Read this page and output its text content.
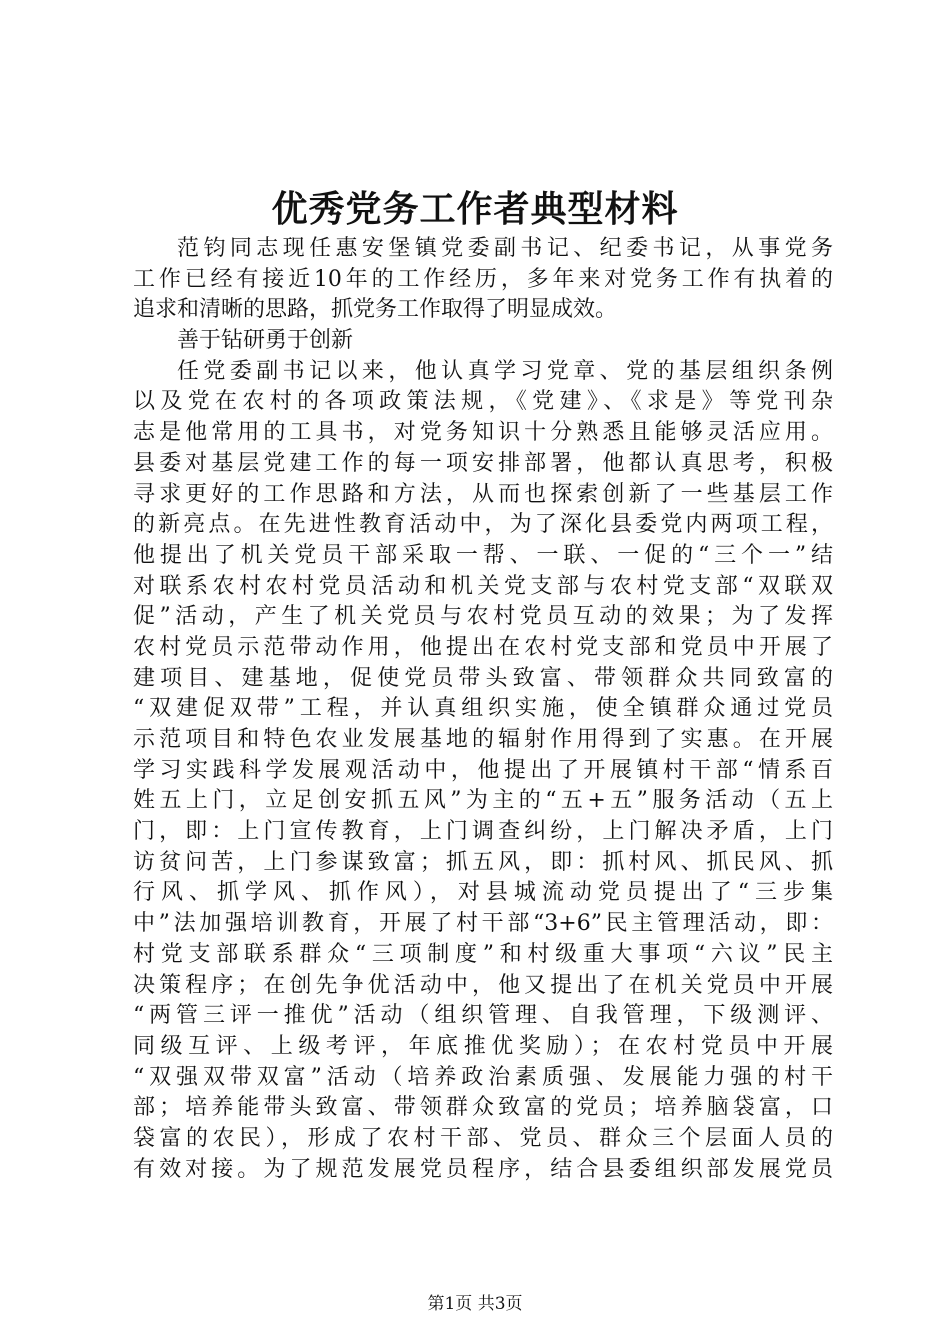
优秀党务工作者典型材料
范钧同志现任惠安堡镇党委副书记、纪委书记，从事党务
工作已经有接近10年的工作经历，多年来对党务工作有执着的
追求和清晰的思路，抓党务工作取得了明显成效。
善于钻研勇于创新
任党委副书记以来，他认真学习党章、党的基层组织条例
以及党在农村的各项政策法规，《党建》、《求是》等党刊杂
志是他常用的工具书，对党务知识十分熟悉且能够灵活应用。
县委对基层党建工作的每一项安排部署，他都认真思考，积极
寻求更好的工作思路和方法，从而也探索创新了一些基层工作
的新亮点。在先进性教育活动中，为了深化县委党内两项工程，
他提出了机关党员干部采取一帮、一联、一促的“三个一”结
对联系农村农村党员活动和机关党支部与农村党支部“双联双
促”活动，产生了机关党员与农村党员互动的效果；为了发挥
农村党员示范带动作用，他提出在农村党支部和党员中开展了
建项目、建基地，促使党员带头致富、带领群众共同致富的
“双建促双带”工程，并认真组织实施，使全镇群众通过党员
示范项目和特色农业发展基地的辐射作用得到了实惠。在开展
学习实践科学发展观活动中，他提出了开展镇村干部“情系百
姓五上门，立足创安抓五风”为主的“五+五”服务活动（五上
门，即：上门宣传教育，上门调查纠纷，上门解决矛盾，上门
访贫问苦，上门参谋致富；抓五风，即：抓村风、抓民风、抓
行风、抓学风、抓作风），对县城流动党员提出了“三步集
中”法加强培训教育，开展了村干部“3+6”民主管理活动，即：
村党支部联系群众“三项制度”和村级重大事项“六议”民主
决策程序；在创先争优活动中，他又提出了在机关党员中开展
“两管三评一推优”活动（组织管理、自我管理，下级测评、
同级互评、上级考评，年底推优奖励）；在农村党员中开展
“双强双带双富”活动（培养政治素质强、发展能力强的村干
部；培养能带头致富、带领群众致富的党员；培养脑袋富，口
袋富的农民），形成了农村干部、党员、群众三个层面人员的
有效对接。为了规范发展党员程序，结合县委组织部发展党员
第1页 共3页
